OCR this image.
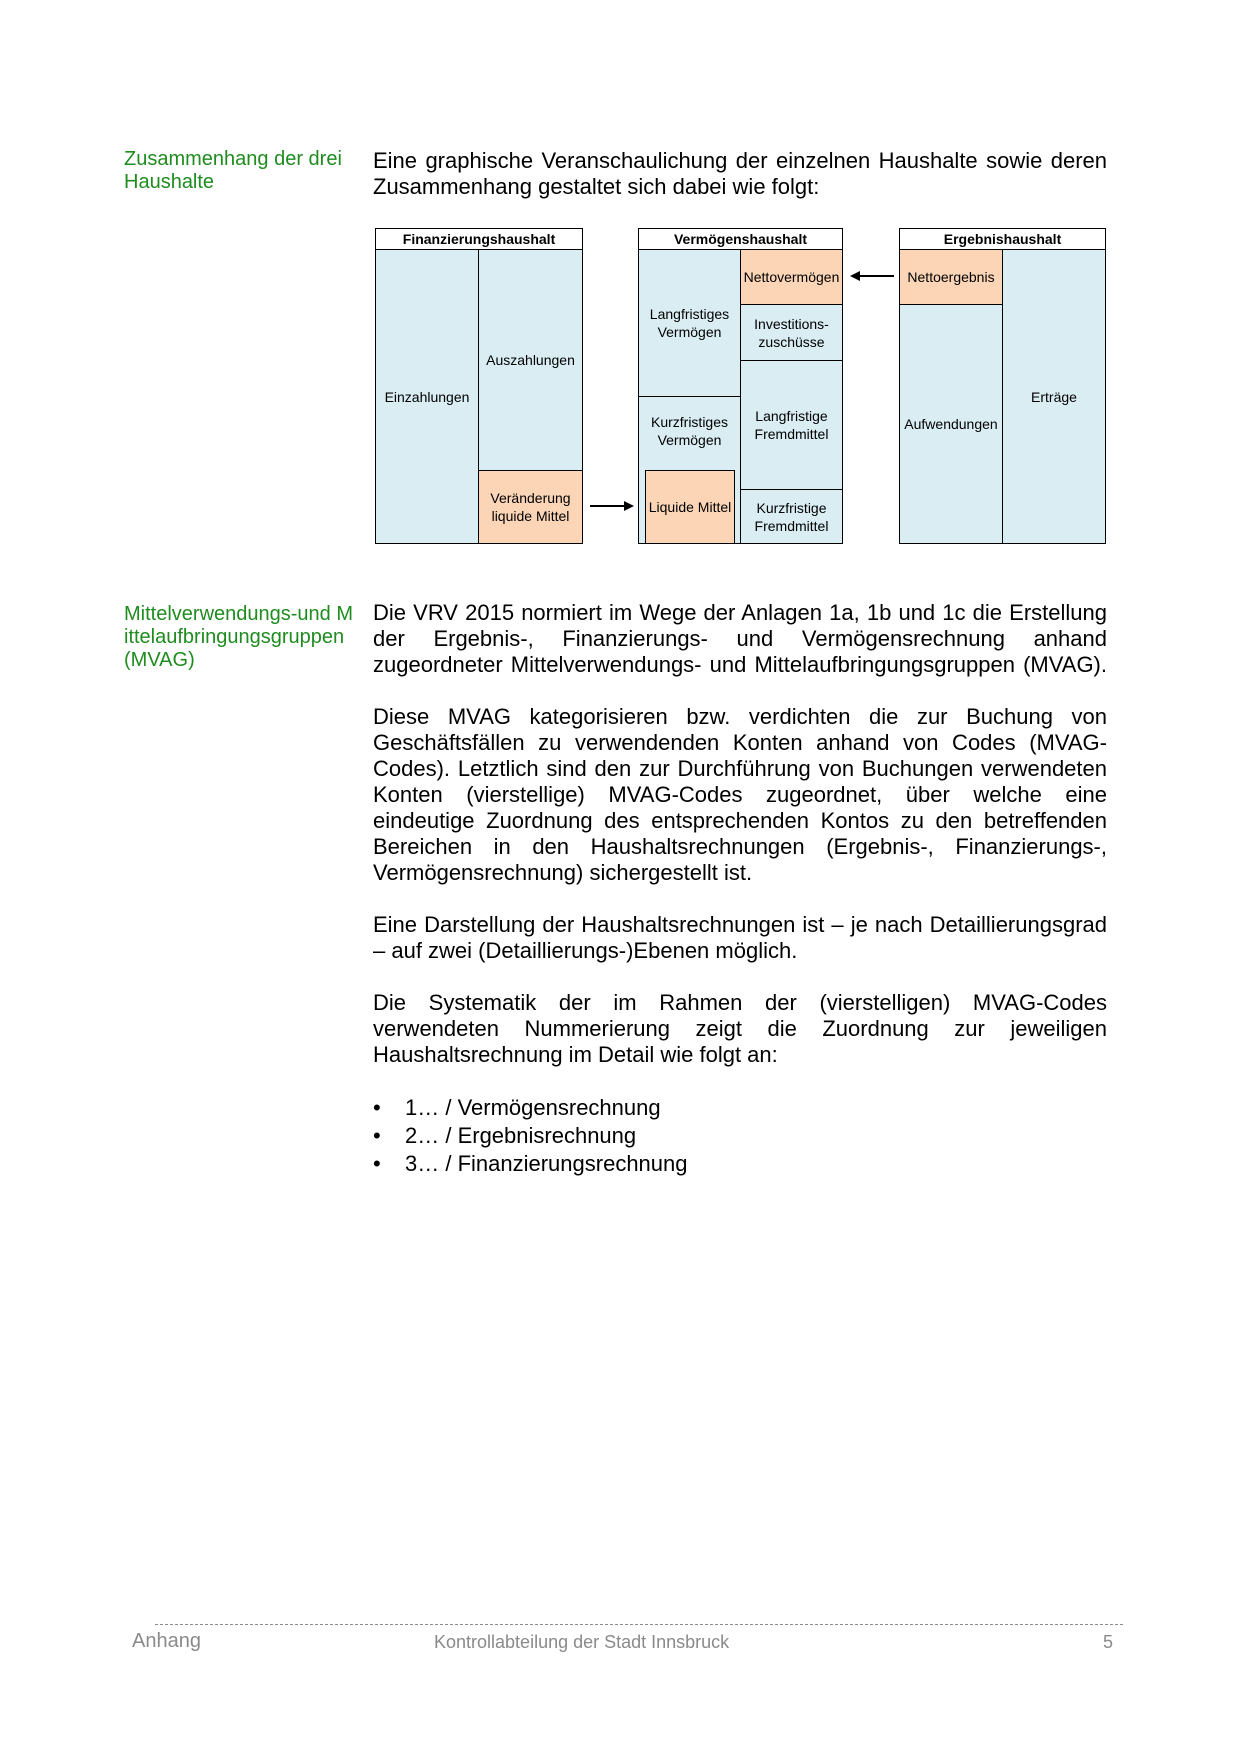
Zusammenhang der drei Haushalte

Eine graphische Veranschaulichung der einzelnen Haushalte sowie deren Zusammenhang gestaltet sich dabei wie folgt:

Finanzierungshaushalt
Einzahlungen
Auszahlungen
Veränderung liquide Mittel
Vermögenshaushalt
Langfristiges Vermögen
Kurzfristiges Vermögen
Liquide Mittel
Nettovermögen
Investitions-zuschüsse
Langfristige Fremdmittel
Kurzfristige Fremdmittel
Ergebnishaushalt
Nettoergebnis
Aufwendungen
Erträge
Mittelverwendungs-und Mittelaufbringungsgruppen (MVAG)

Die VRV 2015 normiert im Wege der Anlagen 1a, 1b und 1c die Erstellung der Ergebnis-, Finanzierungs- und Vermögensrechnung anhand zugeordneter Mittelverwendungs- und Mittelaufbringungsgruppen (MVAG).

Diese MVAG kategorisieren bzw. verdichten die zur Buchung von Geschäftsfällen zu verwendenden Konten anhand von Codes (MVAG-Codes). Letztlich sind den zur Durchführung von Buchungen verwendeten Konten (vierstellige) MVAG-Codes zugeordnet, über welche eine eindeutige Zuordnung des entsprechenden Kontos zu den betreffenden Bereichen in den Haushaltsrechnungen (Ergebnis-, Finanzierungs-, Vermögensrechnung) sichergestellt ist.

Eine Darstellung der Haushaltsrechnungen ist – je nach Detaillierungsgrad – auf zwei (Detaillierungs-)Ebenen möglich.

Die Systematik der im Rahmen der (vierstelligen) MVAG-Codes verwendeten Nummerierung zeigt die Zuordnung zur jeweiligen Haushaltsrechnung im Detail wie folgt an:

• 1… / Vermögensrechnung
• 2… / Ergebnisrechnung
• 3… / Finanzierungsrechnung
Anhang	Kontrollabteilung der Stadt Innsbruck	5
